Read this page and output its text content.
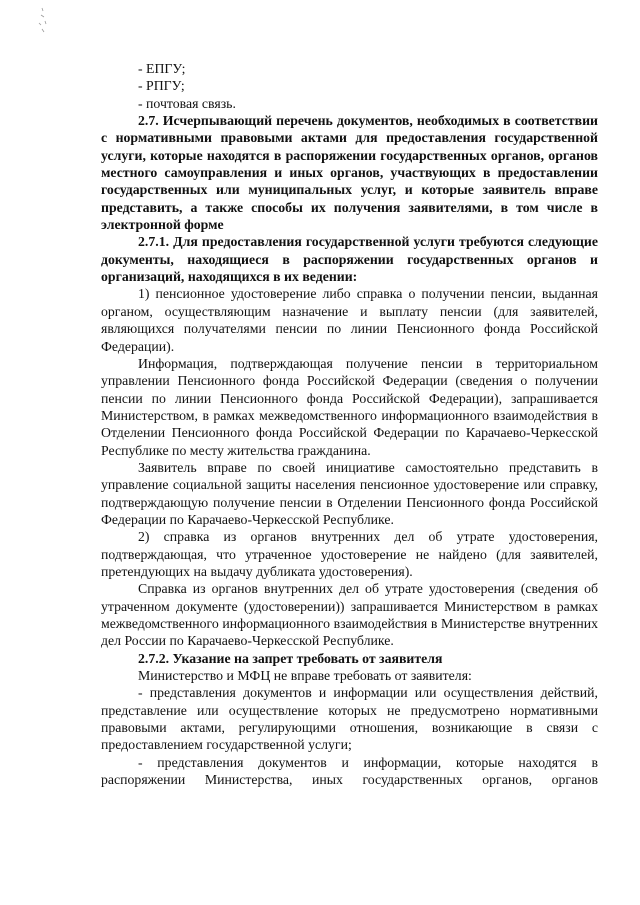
- ЕПГУ;

- РПГУ;

- почтовая связь.

2.7. Исчерпывающий перечень документов, необходимых в соответствии с нормативными правовыми актами для предоставления государственной услуги, которые находятся в распоряжении государственных органов, органов местного самоуправления и иных органов, участвующих в предоставлении государственных или муниципальных услуг, и которые заявитель вправе представить, а также способы их получения заявителями, в том числе в электронной форме

2.7.1. Для предоставления государственной услуги требуются следующие документы, находящиеся в распоряжении государственных органов и организаций, находящихся в их ведении:

1) пенсионное удостоверение либо справка о получении пенсии, выданная органом, осуществляющим назначение и выплату пенсии (для заявителей, являющихся получателями пенсии по линии Пенсионного фонда Российской Федерации).

Информация, подтверждающая получение пенсии в территориальном управлении Пенсионного фонда Российской Федерации (сведения о получении пенсии по линии Пенсионного фонда Российской Федерации), запрашивается Министерством, в рамках межведомственного информационного взаимодействия в Отделении Пенсионного фонда Российской Федерации по Карачаево-Черкесской Республике по месту жительства гражданина.

Заявитель вправе по своей инициативе самостоятельно представить в управление социальной защиты населения пенсионное удостоверение или справку, подтверждающую получение пенсии в Отделении Пенсионного фонда Российской Федерации по Карачаево-Черкесской Республике.

2) справка из органов внутренних дел об утрате удостоверения, подтверждающая, что утраченное удостоверение не найдено (для заявителей, претендующих на выдачу дубликата удостоверения).

Справка из органов внутренних дел об утрате удостоверения (сведения об утраченном документе (удостоверении)) запрашивается Министерством в рамках межведомственного информационного взаимодействия в Министерстве внутренних дел России по Карачаево-Черкесской Республике.

2.7.2. Указание на запрет требовать от заявителя

Министерство и МФЦ не вправе требовать от заявителя:

- представления документов и информации или осуществления действий, представление или осуществление которых не предусмотрено нормативными правовыми актами, регулирующими отношения, возникающие в связи с предоставлением государственной услуги;

- представления документов и информации, которые находятся в распоряжении Министерства, иных государственных органов, органов
